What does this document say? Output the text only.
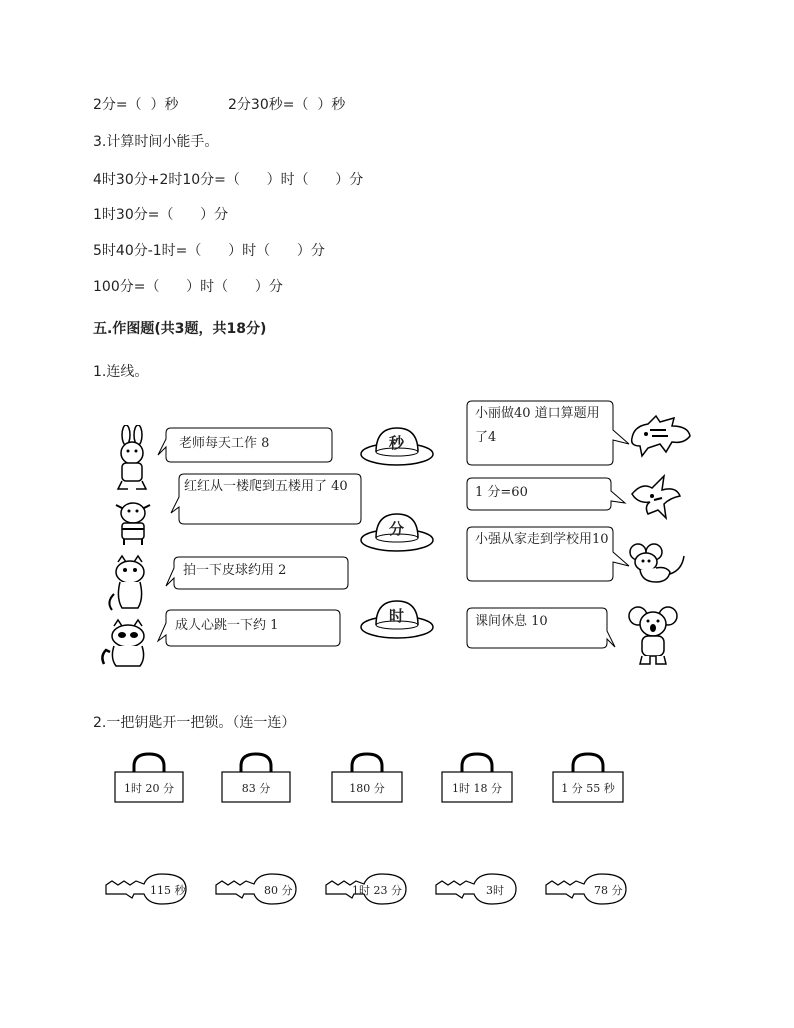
2分=（  ）秒	2分30秒=（  ）秒
3.计算时间小能手。
4时30分+2时10分=（      ）时（      ）分
1时30分=（      ）分
5时40分-1时=（      ）时（      ）分
100分=（      ）时（      ）分
五.作图题(共3题，共18分)
1.连线。
老师每天工作 8
红红从一楼爬到五楼用了 40
拍一下皮球约用 2
成人心跳一下约 1
秒
分
时
小丽做40 道口算题用了4
1 分=60
小强从家走到学校用10
课间休息 10
2.一把钥匙开一把锁。（连一连）
1时 20 分	83 分	180 分	1时 18 分	1 分 55 秒
115 秒	80 分	1时 23 分	3时	78 分
